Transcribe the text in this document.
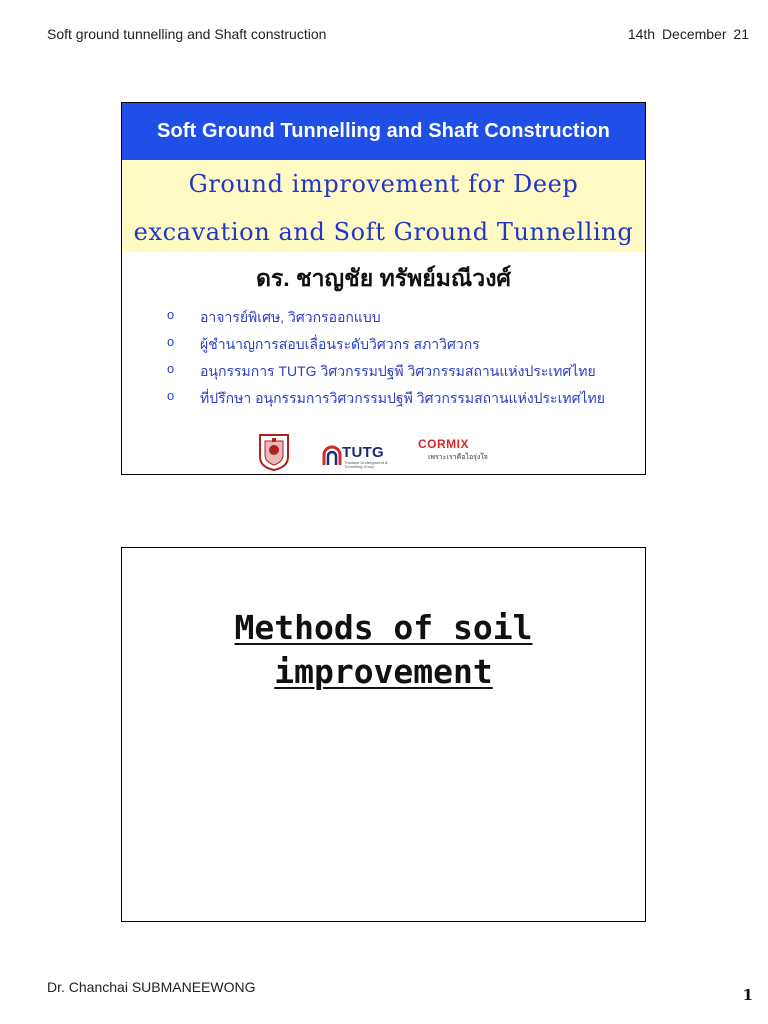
Soft ground tunnelling and Shaft construction	14th December 21
Soft Ground Tunnelling and Shaft Construction
Ground improvement for Deep
excavation and Soft Ground Tunnelling
ดร. ชาญชัย ทรัพย์มณีวงศ์
o	อาจารย์พิเศษ, วิศวกรออกแบบ
o	ผู้ชำนาญการสอบเลื่อนระดับวิศวกร สภาวิศวกร
o	อนุกรรมการ TUTG วิศวกรรมปฐพี วิศวกรรมสถานแห่งประเทศไทย
o	ที่ปรึกษา อนุกรรมการวิศวกรรมปฐพี วิศวกรรมสถานแห่งประเทศไทย
TUTG
Thailand Underground & Tunnelling Group
CORMIX
เพราะเราคือไอรุ่งใจ
Methods of soil
improvement
Dr. Chanchai SUBMANEEWONG	1
